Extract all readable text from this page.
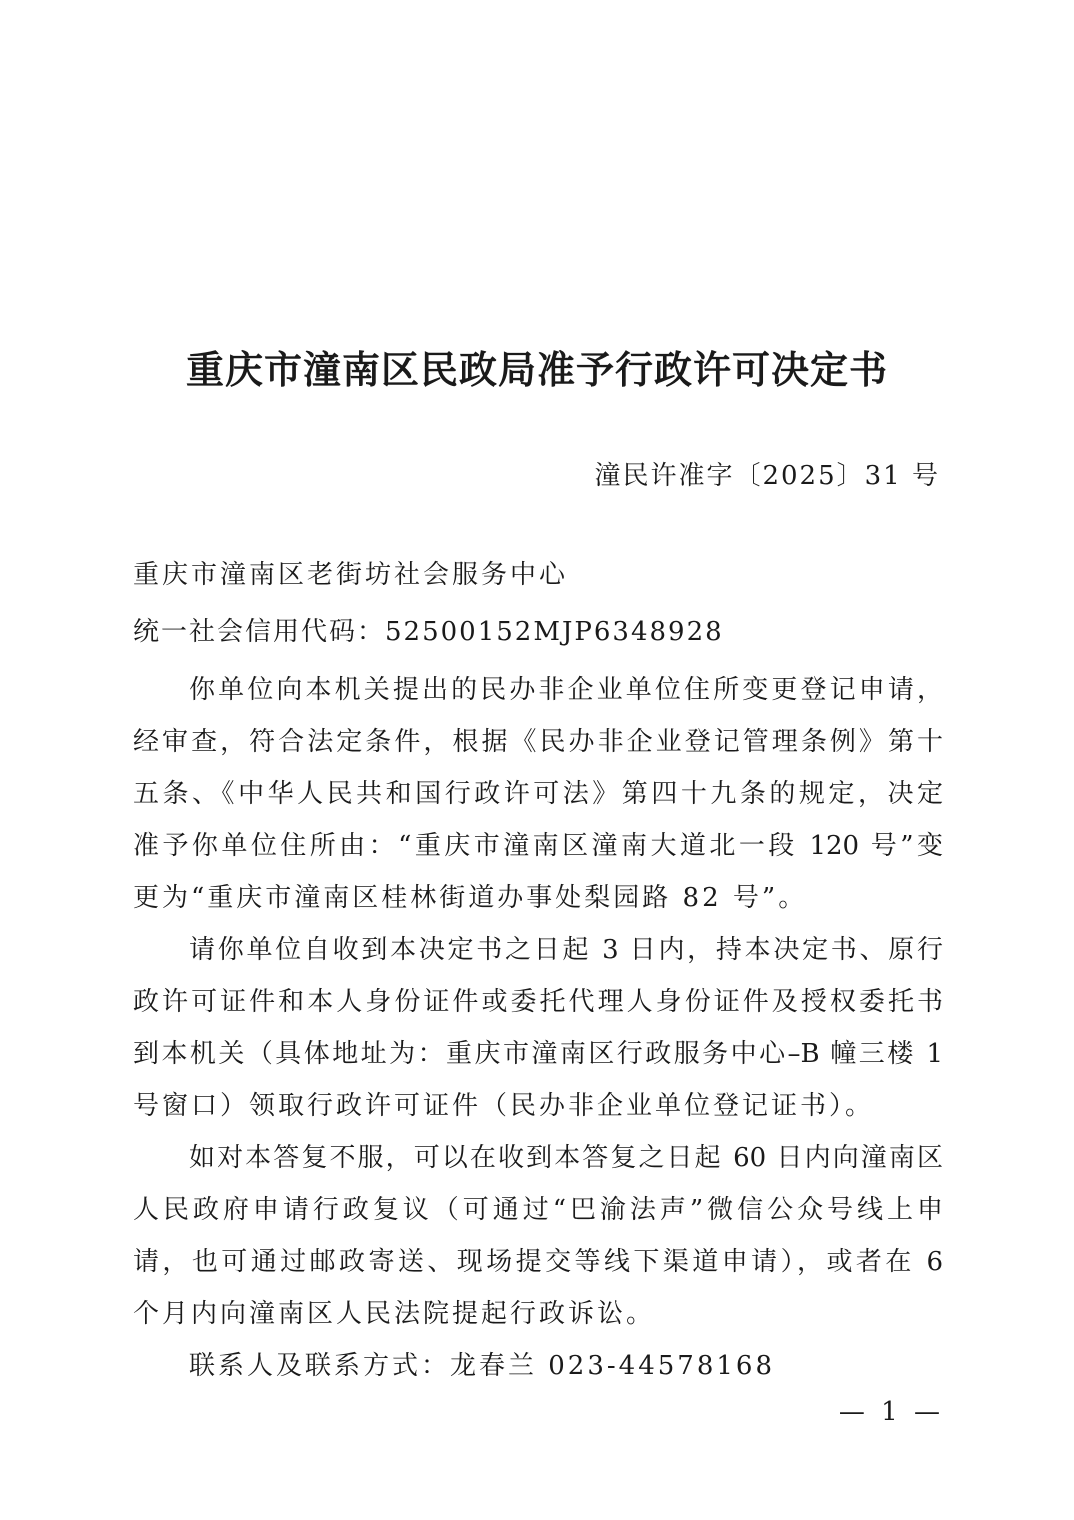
重庆市潼南区民政局准予行政许可决定书
潼民许准字〔2025〕31 号
重庆市潼南区老街坊社会服务中心
统一社会信用代码：52500152MJP6348928
你单位向本机关提出的民办非企业单位住所变更登记申请，
经审查，符合法定条件，根据《民办非企业登记管理条例》第十
五条、《中华人民共和国行政许可法》第四十九条的规定，决定
准予你单位住所由：“重庆市潼南区潼南大道北一段 120 号”变
更为“重庆市潼南区桂林街道办事处梨园路 82 号”。
请你单位自收到本决定书之日起 3 日内，持本决定书、原行
政许可证件和本人身份证件或委托代理人身份证件及授权委托书
到本机关（具体地址为：重庆市潼南区行政服务中心–B 幢三楼 1
号窗口）领取行政许可证件（民办非企业单位登记证书）。
如对本答复不服，可以在收到本答复之日起 60 日内向潼南区
人民政府申请行政复议（可通过“巴渝法声”微信公众号线上申
请，也可通过邮政寄送、现场提交等线下渠道申请），或者在 6
个月内向潼南区人民法院提起行政诉讼。
联系人及联系方式：龙春兰 023-44578168
— 1 —
